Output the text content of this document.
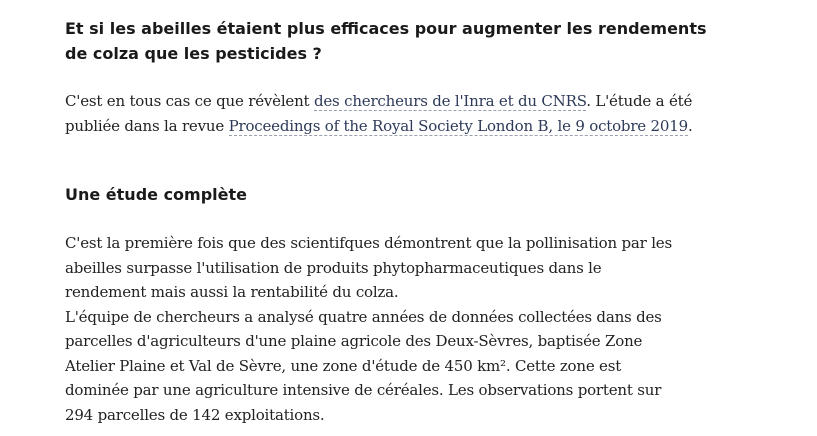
Et si les abeilles étaient plus efficaces pour augmenter les rendements de colza que les pesticides ?

C'est en tous cas ce que révèlent des chercheurs de l'Inra et du CNRS. L'étude a été publiée dans la revue Proceedings of the Royal Society London B, le 9 octobre 2019.

Une étude complète

C'est la première fois que des scientifques démontrent que la pollinisation par les
abeilles surpasse l'utilisation de produits phytopharmaceutiques dans le
rendement mais aussi la rentabilité du colza.
L'équipe de chercheurs a analysé quatre années de données collectées dans des
parcelles d'agriculteurs d'une plaine agricole des Deux-Sèvres, baptisée Zone
Atelier Plaine et Val de Sèvre, une zone d'étude de 450 km². Cette zone est
dominée par une agriculture intensive de céréales. Les observations portent sur
294 parcelles de 142 exploitations.
